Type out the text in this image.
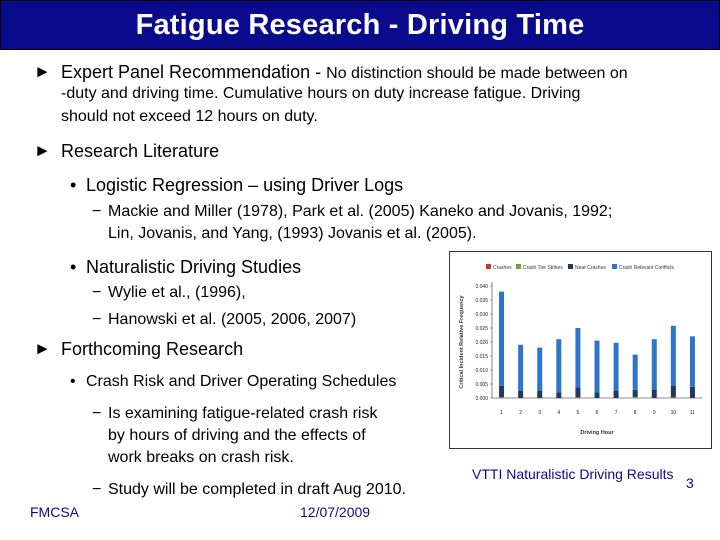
Fatigue Research - Driving Time
► Expert Panel Recommendation - No distinction should be made between on
-duty and driving time. Cumulative hours on duty increase fatigue. Driving
should not exceed 12 hours on duty.
► Research Literature
• Logistic Regression – using Driver Logs
− Mackie and Miller (1978), Park et al. (2005) Kaneko and Jovanis, 1992;
Lin, Jovanis, and Yang, (1993) Jovanis et al. (2005).
• Naturalistic Driving Studies
− Wylie et al., (1996),
− Hanowski et al. (2005, 2006, 2007)
► Forthcoming Research
• Crash Risk and Driver Operating Schedules
− Is examining fatigue-related crash risk
by hours of driving and the effects of
work breaks on crash risk.
− Study will be completed in draft Aug 2010.
Crashes Crash Tire Strikes Near Crashes	Crash Relevant Conflicts
0.000
0.005
0.010
0.015
0.020
0.025
0.030
0.035
0.040
Critical Incident Relative Frequency
1	2	3	4	5	6	7	8	9	10	11
Driving Hour
VTTI Naturalistic Driving Results
FMCSA	12/07/2009
3
